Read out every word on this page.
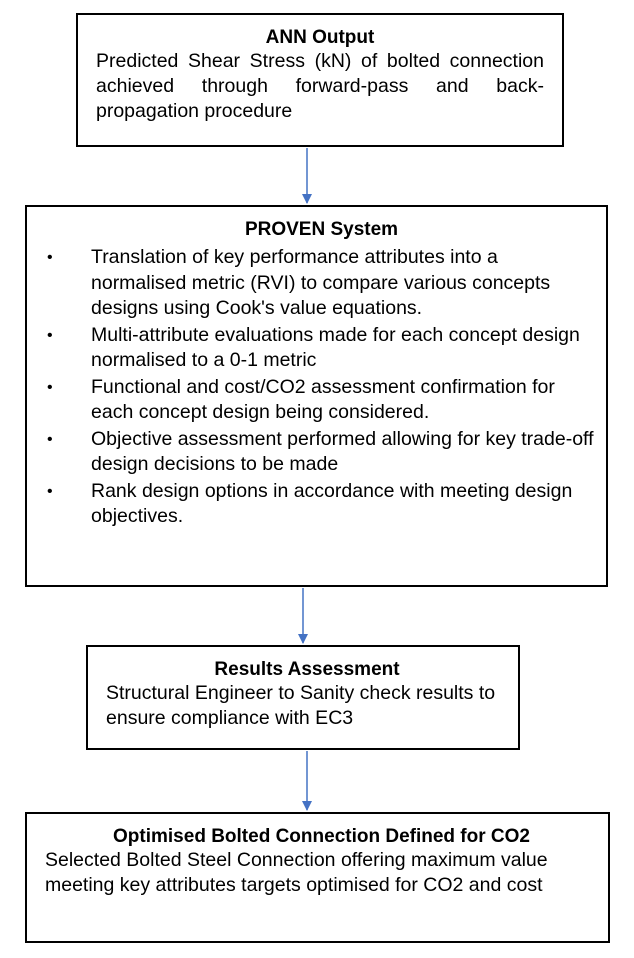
ANN Output

Predicted Shear Stress (kN) of bolted connection achieved through forward-pass and back-propagation procedure

PROVEN System

•	Translation of key performance attributes into a normalised metric (RVI) to compare various concepts designs using Cook's value equations.
•	Multi-attribute evaluations made for each concept design normalised to a 0-1 metric
•	Functional and cost/CO2 assessment confirmation for each concept design being considered.
•	Objective assessment performed allowing for key trade-off design decisions to be made
•	Rank design options in accordance with meeting design objectives.

Results Assessment

Structural Engineer to Sanity check results to ensure compliance with EC3

Optimised Bolted Connection Defined for CO2

Selected Bolted Steel Connection offering maximum value meeting key attributes targets optimised for CO2 and cost
